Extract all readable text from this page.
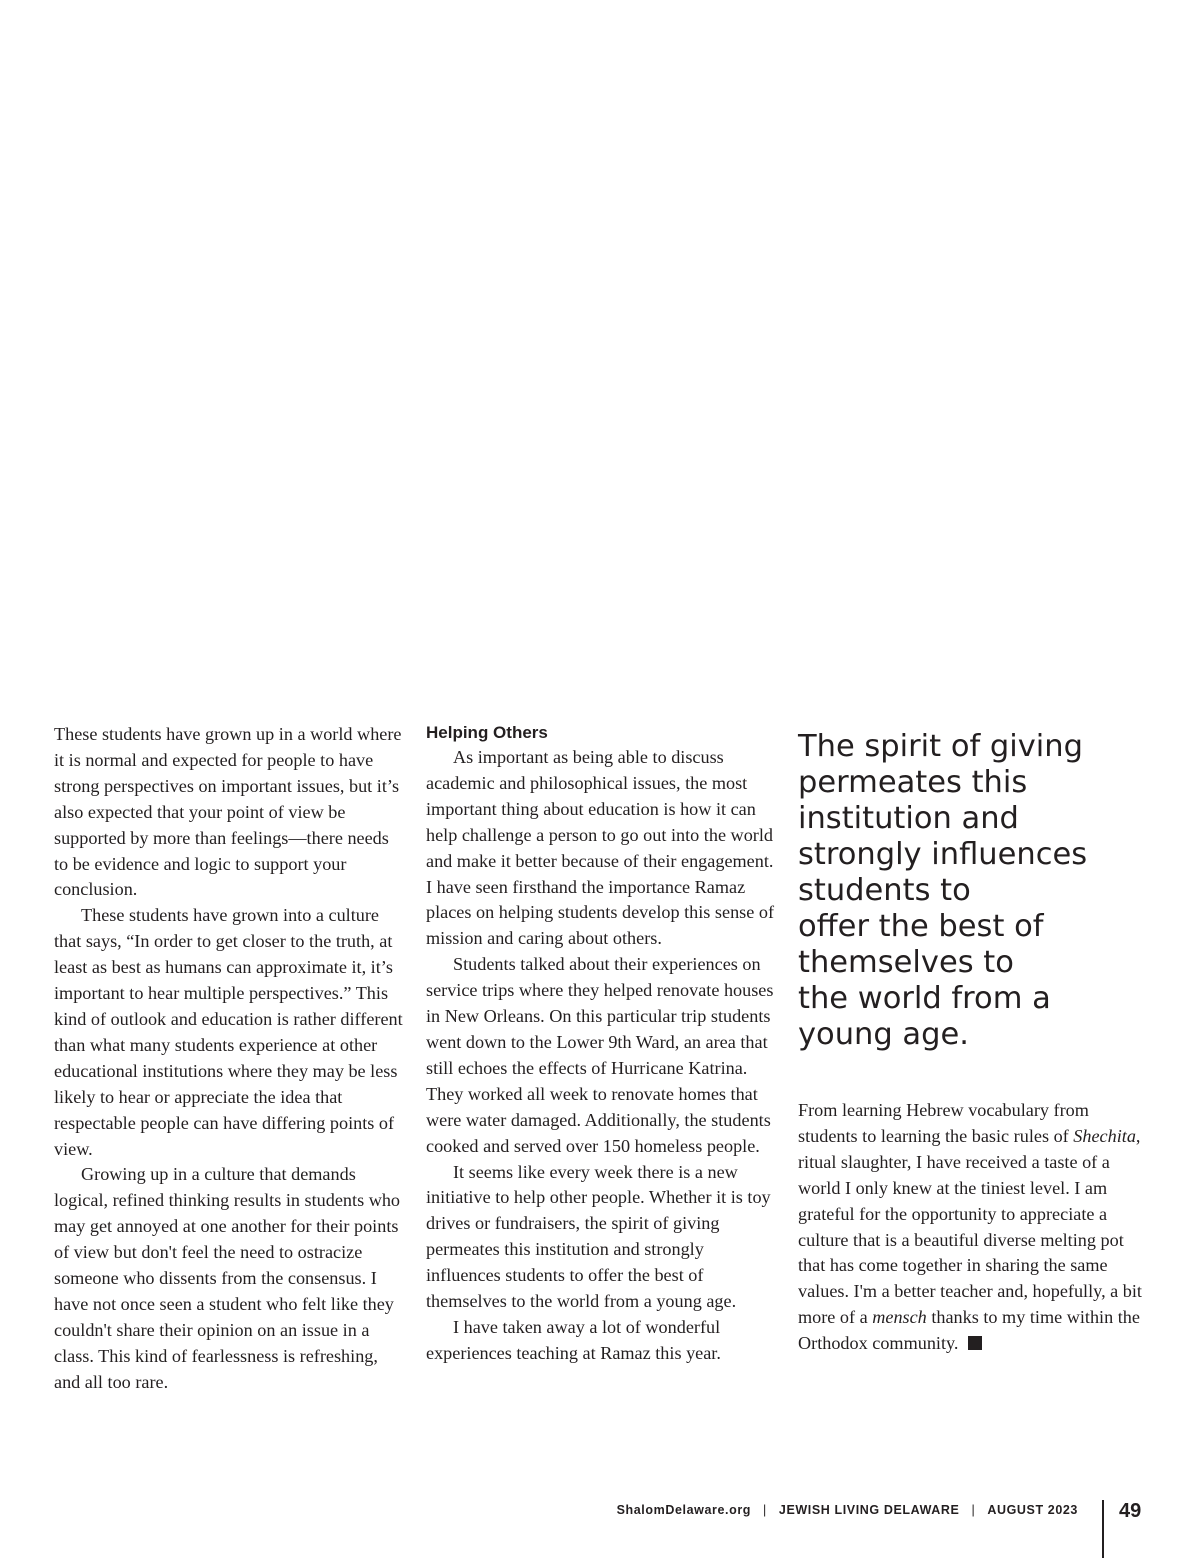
These students have grown up in a world where it is normal and expected for people to have strong perspectives on important issues, but it’s also expected that your point of view be supported by more than feelings—there needs to be evidence and logic to support your conclusion.

These students have grown into a culture that says, “In order to get closer to the truth, at least as best as humans can approximate it, it’s important to hear multiple perspectives.” This kind of outlook and education is rather different than what many students experience at other educational institutions where they may be less likely to hear or appreciate the idea that respectable people can have differing points of view.

Growing up in a culture that demands logical, refined thinking results in students who may get annoyed at one another for their points of view but don't feel the need to ostracize someone who dissents from the consensus. I have not once seen a student who felt like they couldn't share their opinion on an issue in a class. This kind of fearlessness is refreshing, and all too rare.

Helping Others

As important as being able to discuss academic and philosophical issues, the most important thing about education is how it can help challenge a person to go out into the world and make it better because of their engagement. I have seen firsthand the importance Ramaz places on helping students develop this sense of mission and caring about others.

Students talked about their experiences on service trips where they helped renovate houses in New Orleans. On this particular trip students went down to the Lower 9th Ward, an area that still echoes the effects of Hurricane Katrina. They worked all week to renovate homes that were water damaged. Additionally, the students cooked and served over 150 homeless people.

It seems like every week there is a new initiative to help other people. Whether it is toy drives or fundraisers, the spirit of giving permeates this institution and strongly influences students to offer the best of themselves to the world from a young age.

I have taken away a lot of wonderful experiences teaching at Ramaz this year.

The spirit of giving
permeates this
institution and
strongly influences
students to
offer the best of
themselves to
the world from a
young age.

From learning Hebrew vocabulary from students to learning the basic rules of Shechita, ritual slaughter, I have received a taste of a world I only knew at the tiniest level. I am grateful for the opportunity to appreciate a culture that is a beautiful diverse melting pot that has come together in sharing the same values. I'm a better teacher and, hopefully, a bit more of a mensch thanks to my time within the Orthodox community.

ShalomDelaware.org | JEWISH LIVING DELAWARE | AUGUST 2023 49
